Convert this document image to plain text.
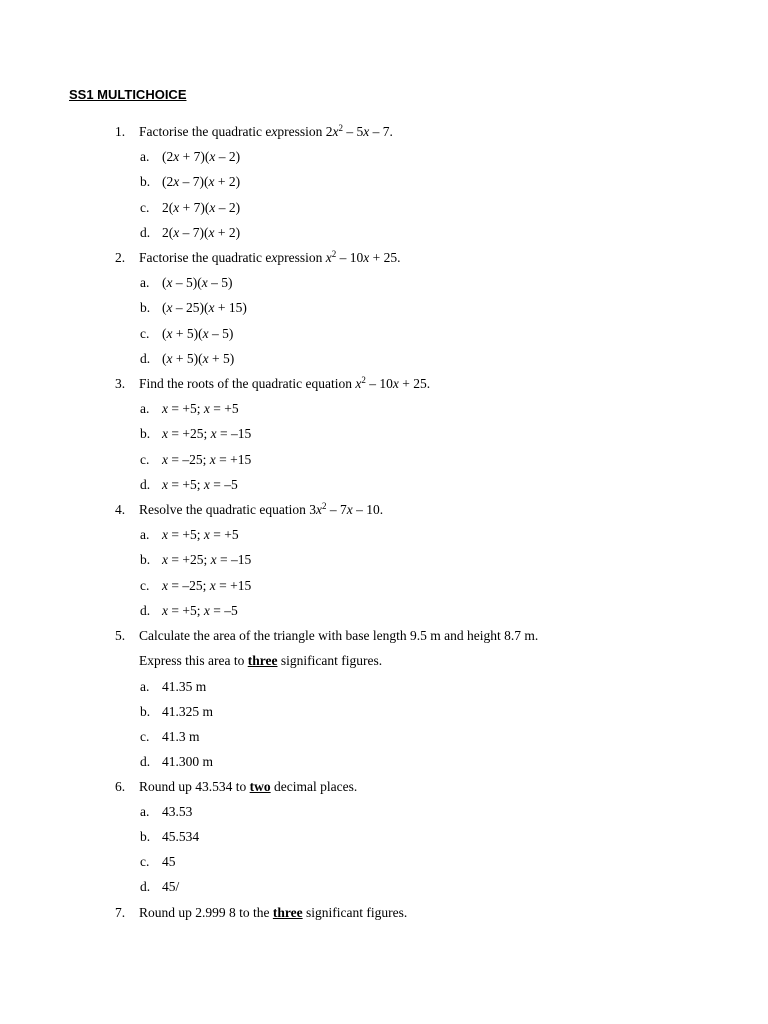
SS1 MULTICHOICE
1.	Factorise the quadratic expression $2x^2 - 5x - 7$.
a. (2x + 7)(x – 2)
b. (2x – 7)(x + 2)
c. 2(x + 7)(x – 2)
d. 2(x – 7)(x + 2)
2.	Factorise the quadratic expression $x^2 - 10x + 25$.
a. (x – 5)(x – 5)
b. (x – 25)(x + 15)
c. (x + 5)(x – 5)
d. (x + 5)(x + 5)
3.	Find the roots of the quadratic equation $x^2 - 10x + 25$.
a. x = +5; x = +5
b. x = +25; x = –15
c. x = –25; x = +15
d. x = +5; x = –5
4.	Resolve the quadratic equation $3x^2 - 7x - 10$.
a. x = +5; x = +5
b. x = +25; x = –15
c. x = –25; x = +15
d. x = +5; x = –5
5.	Calculate the area of the triangle with base length 9.5 m and height 8.7 m.
Express this area to three significant figures.
a. 41.35 m
b. 41.325 m
c. 41.3 m
d. 41.300 m
6.	Round up 43.534 to two decimal places.
a. 43.53
b. 45.534
c. 45
d. 45/
7.	Round up 2.999 8 to the three significant figures.
